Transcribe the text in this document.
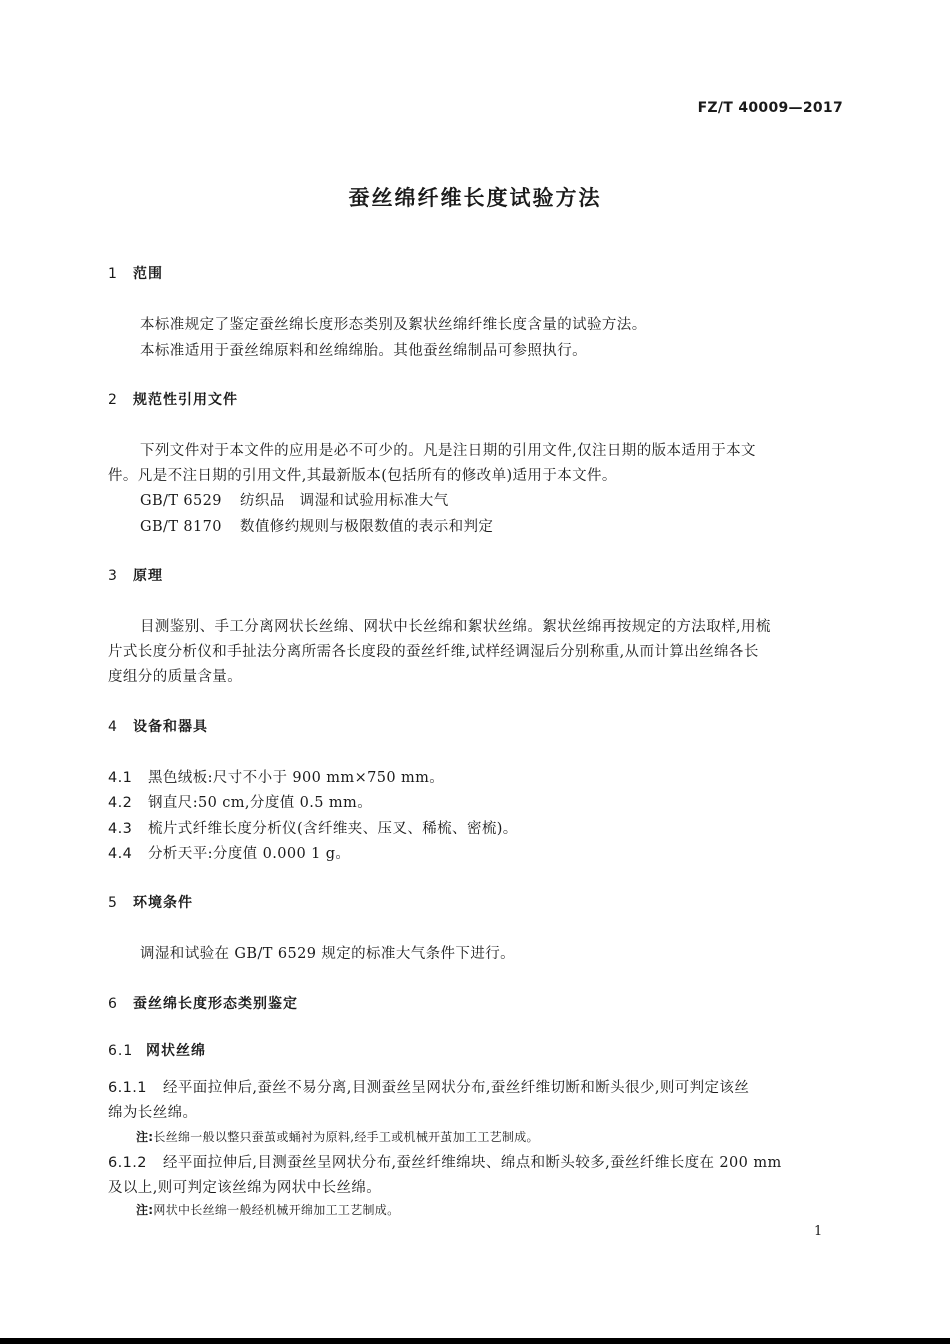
FZ/T 40009—2017
蚕丝绵纤维长度试验方法
1 范围
本标准规定了鉴定蚕丝绵长度形态类别及絮状丝绵纤维长度含量的试验方法。
本标准适用于蚕丝绵原料和丝绵绵胎。其他蚕丝绵制品可参照执行。
2 规范性引用文件
下列文件对于本文件的应用是必不可少的。凡是注日期的引用文件,仅注日期的版本适用于本文
件。凡是不注日期的引用文件,其最新版本(包括所有的修改单)适用于本文件。
GB/T 6529 纺织品　调湿和试验用标准大气
GB/T 8170 数值修约规则与极限数值的表示和判定
3 原理
目测鉴别、手工分离网状长丝绵、网状中长丝绵和絮状丝绵。絮状丝绵再按规定的方法取样,用梳
片式长度分析仪和手扯法分离所需各长度段的蚕丝纤维,试样经调湿后分别称重,从而计算出丝绵各长
度组分的质量含量。
4 设备和器具
4.1 黑色绒板:尺寸不小于 900 mm×750 mm。
4.2 钢直尺:50 cm,分度值 0.5 mm。
4.3 梳片式纤维长度分析仪(含纤维夹、压叉、稀梳、密梳)。
4.4 分析天平:分度值 0.000 1 g。
5 环境条件
调湿和试验在 GB/T 6529 规定的标准大气条件下进行。
6 蚕丝绵长度形态类别鉴定
6.1 网状丝绵
6.1.1 经平面拉伸后,蚕丝不易分离,目测蚕丝呈网状分布,蚕丝纤维切断和断头很少,则可判定该丝
绵为长丝绵。
注:长丝绵一般以整只蚕茧或蛹衬为原料,经手工或机械开茧加工工艺制成。
6.1.2 经平面拉伸后,目测蚕丝呈网状分布,蚕丝纤维绵块、绵点和断头较多,蚕丝纤维长度在 200 mm
及以上,则可判定该丝绵为网状中长丝绵。
注:网状中长丝绵一般经机械开绵加工工艺制成。
1
